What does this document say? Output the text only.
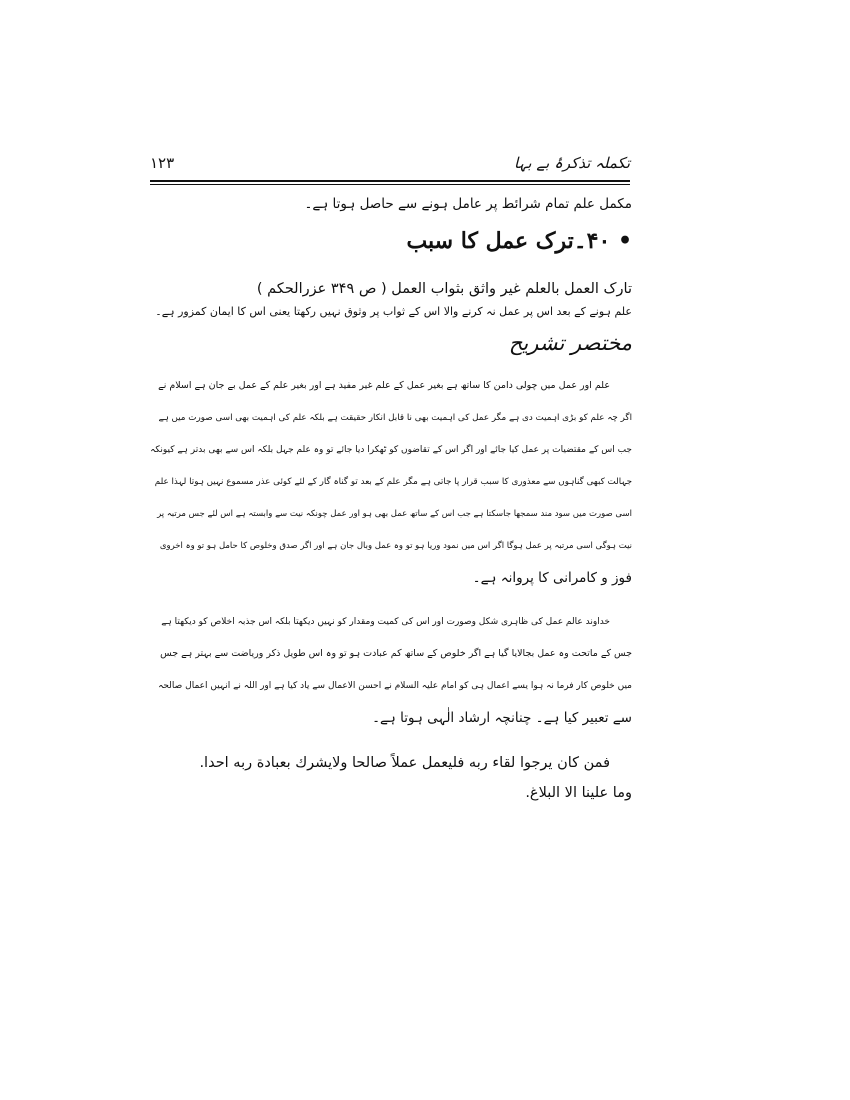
تکملہ تذکرۂ بے بہا
۱۲۳
مکمل علم تمام شرائط پر عامل ہونے سے حاصل ہوتا ہے۔
• ۴۰۔ترک عمل کا سبب
تارک العمل بالعلم غير واثق بثواب العمل ( ص ۳۴۹ عزرالحكم )
علم ہونے کے بعد اس پر عمل نہ کرنے والا اس کے ثواب پر وثوق نہیں رکھتا یعنی اس کا ایمان کمزور ہے۔
مختصر تشریح
علم اور عمل میں چولی دامن کا ساتھ ہے بغیر عمل کے علم غیر مفید ہے اور بغیر علم کے عمل بے جان ہے اسلام نے
اگر چہ علم کو بڑی اہمیت دی ہے مگر عمل کی اہمیت بھی نا قابل انکار حقیقت ہے بلکہ علم کی اہمیت بھی اسی صورت میں ہے
جب اس کے مقتضیات پر عمل کیا جائے اور اگر اس کے تقاضوں کو ٹھکرا دیا جائے تو وہ علم جہل بلکہ اس سے بھی بدتر ہے کیونکہ
جہالت کبھی گناہوں سے معذوری کا سبب قرار پا جاتی ہے مگر علم کے بعد تو گناہ گار کے لئے کوئی عذر مسموع نہیں ہوتا لہذا علم
اسی صورت میں سود مند سمجھا جاسکتا ہے جب اس کے ساتھ عمل بھی ہو اور عمل چونکہ نیت سے وابستہ ہے اس لئے جس مرتبہ پر
نیت ہوگی اسی مرتبہ پر عمل ہوگا اگر اس میں نمود وریا ہو تو وہ عمل وبال جان ہے اور اگر صدق وخلوص کا حامل ہو تو وہ اخروی
فوز و کامرانی کا پروانہ ہے۔
خداوند عالم عمل کی ظاہری شکل وصورت اور اس کی کمیت ومقدار کو نہیں دیکھتا بلکہ اس جذبہ اخلاص کو دیکھتا ہے
جس کے ماتحت وہ عمل بجالایا گیا ہے اگر خلوص کے ساتھ کم عبادت ہو تو وہ اس طویل ذکر وریاضت سے بہتر ہے جس
میں خلوص کار فرما نہ ہوا یسے اعمال ہی کو امام علیہ السلام نے احسن الاعمال سے یاد کیا ہے اور اللہ نے انہیں اعمال صالحہ
سے تعبیر کیا ہے۔ چنانچہ ارشاد الٰہی ہوتا ہے۔
فمن كان يرجوا لقاء ربه فليعمل عملاً صالحا ولايشرك بعبادة ربه احدا.
وما علينا الا البلاغ.
